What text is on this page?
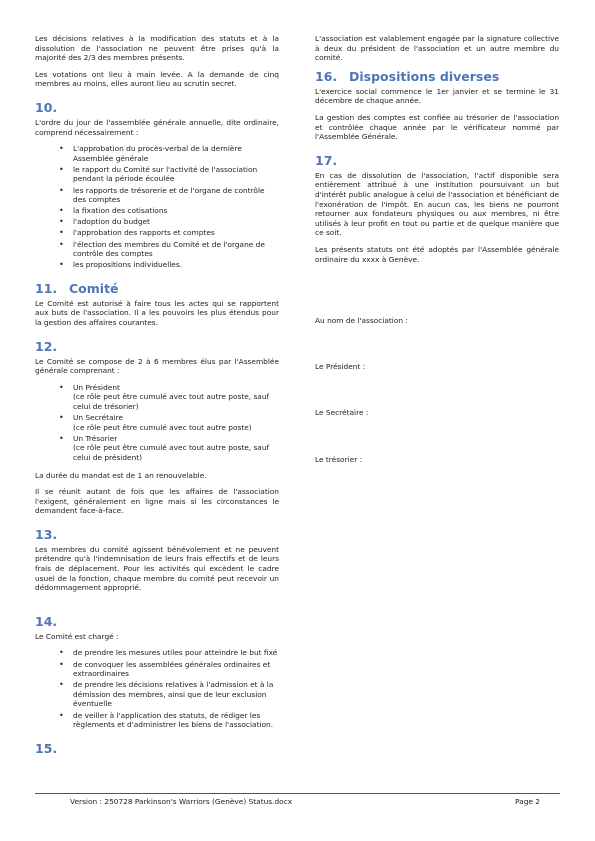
Les décisions relatives à la modification des statuts et à la dissolution de l'association ne peuvent être prises qu'à la majorité des 2/3 des membres présents.

Les votations ont lieu à main levée. A la demande de cinq membres au moins, elles auront lieu au scrutin secret.

10.

L'ordre du jour de l'assemblée générale annuelle, dite ordinaire, comprend nécessairement :

• L'approbation du procès-verbal de la dernière Assemblée générale
• le rapport du Comité sur l'activité de l'association pendant la période écoulée
• les rapports de trésorerie et de l'organe de contrôle des comptes
• la fixation des cotisations
• l'adoption du budget
• l'approbation des rapports et comptes
• l'élection des membres du Comité et de l'organe de contrôle des comptes
• les propositions individuelles.
11. Comité

Le Comité est autorisé à faire tous les actes qui se rapportent aux buts de l'association. Il a les pouvoirs les plus étendus pour la gestion des affaires courantes.

12.

Le Comité se compose de 2 à 6 membres élus par l'Assemblée générale comprenant :

• Un Président
(ce rôle peut être cumulé avec tout autre poste, sauf celui de trésorier)
• Un Secrétaire
(ce rôle peut être cumulé avec tout autre poste)
• Un Trésorier
(ce rôle peut être cumulé avec tout autre poste, sauf celui de président)

La durée du mandat est de 1 an renouvelable.

Il se réunit autant de fois que les affaires de l'association l'exigent, généralement en ligne mais si les circonstances le demandent face-à-face.

13.

Les membres du comité agissent bénévolement et ne peuvent prétendre qu'à l'indemnisation de leurs frais effectifs et de leurs frais de déplacement. Pour les activités qui excèdent le cadre usuel de la fonction, chaque membre du comité peut recevoir un dédommagement approprié.

14.

Le Comité est chargé :

• de prendre les mesures utiles pour atteindre le but fixé
• de convoquer les assemblées générales ordinaires et extraordinaires
• de prendre les décisions relatives à l'admission et à la démission des membres, ainsi que de leur exclusion éventuelle
• de veiller à l'application des statuts, de rédiger les règlements et d'administrer les biens de l'association.
15.

L'association est valablement engagée par la signature collective à deux du président de l'association et un autre membre du comité.

16. Dispositions diverses

L'exercice social commence le 1er janvier et se termine le 31 décembre de chaque année.

La gestion des comptes est confiée au trésorier de l'association et contrôlée chaque année par le vérificateur nommé par l'Assemblée Générale.

17.

En cas de dissolution de l'association, l'actif disponible sera entièrement attribué à une institution poursuivant un but d'intérêt public analogue à celui de l'association et bénéficiant de l'exonération de l'impôt. En aucun cas, les biens ne pourront retourner aux fondateurs physiques ou aux membres, ni être utilisés à leur profit en tout ou partie et de quelque manière que ce soit.

Les présents statuts ont été adoptés par l'Assemblée générale ordinaire du xxxx à Genève.

Au nom de l'association :

Le Président :

Le Secrétaire :

Le trésorier :

Version : 250728 Parkinson's Warriors (Genève) Status.docx	Page 2
